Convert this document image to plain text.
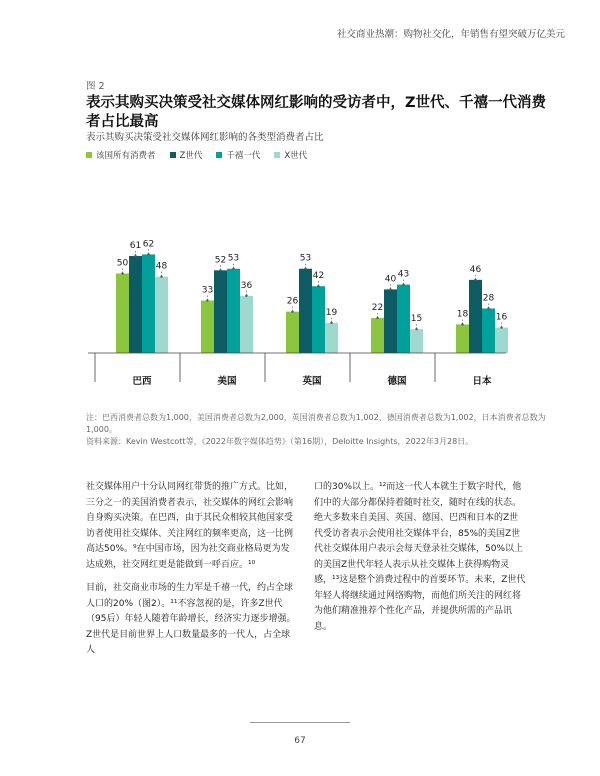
社交商业热潮：购物社交化，年销售有望突破万亿美元
图 2
表示其购买决策受社交媒体网红影响的受访者中，Z世代、千禧一代消费者占比最高
表示其购买决策受社交媒体网红影响的各类型消费者占比
该国所有消费者	Z世代	千禧一代	X世代
50
61 62
48
巴西
33
52 53
36
美国
26
53
42
19
英国
22
40 43
15
德国
18
46
28
16
日本

注：巴西消费者总数为1,000，美国消费者总数为2,000，英国消费者总数为1,002，德国消费者总数为1,002，日本消费者总数为1,000。

资料来源：Kevin Westcott等，《2022年数字媒体趋势》（第16期），Deloitte Insights，2022年3月28日。

社交媒体用户十分认同网红带货的推广方式。比如，三分之一的美国消费者表示，社交媒体的网红会影响自身购买决策。在巴西，由于其民众相较其他国家受访者使用社交媒体、关注网红的频率更高，这一比例高达50%。⁹在中国市场，因为社交商业格局更为发达成熟，社交网红更是能做到一呼百应。¹⁰

目前，社交商业市场的生力军是千禧一代，约占全球人口的20%（图2）。¹¹不容忽视的是，许多Z世代（95后）年轻人随着年龄增长，经济实力逐步增强。Z世代是目前世界上人口数量最多的一代人，占全球人

口的30%以上。¹²而这一代人本就生于数字时代，他们中的大部分都保持着随时社交，随时在线的状态。绝大多数来自美国、英国、德国、巴西和日本的Z世代受访者表示会使用社交媒体平台，85%的美国Z世代社交媒体用户表示会每天登录社交媒体，50%以上的美国Z世代年轻人表示从社交媒体上获得购物灵感，¹³这是整个消费过程中的首要环节。未来，Z世代年轻人将继续通过网络购物，而他们所关注的网红将为他们精准推荐个性化产品，并提供所需的产品讯息。

67
